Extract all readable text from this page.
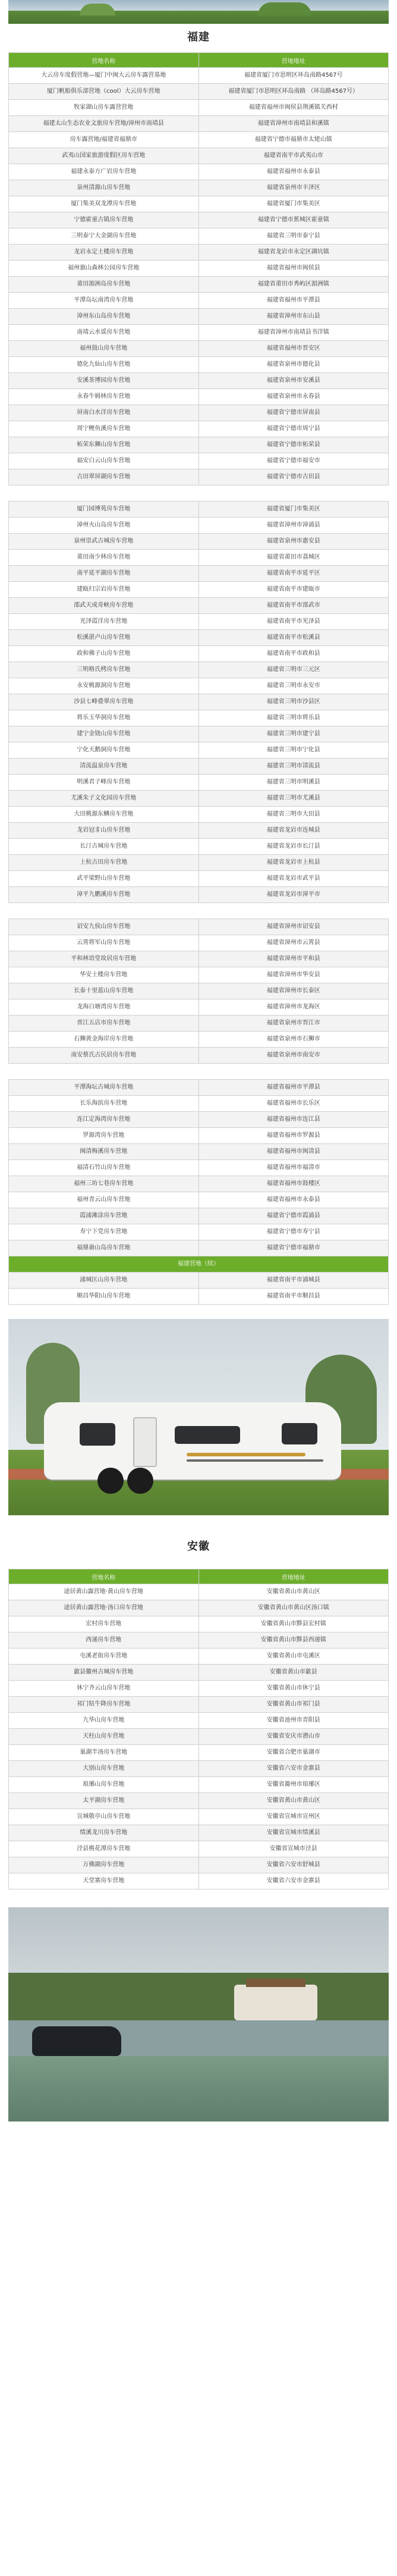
福建
营地名称	营地地址
大云房车度假营地—厦门中闽大云房车露营基地	福建省厦门市思明区环岛南路4567号
厦门帆船俱乐部营地（cool）大云房车营地	福建省厦门市思明区环岛南路 （环岛路4567号）
牧家湖山房车露营营地	福建省福州市闽侯县荆溪镇关西村
福建太山生态农业文旅房车营地/漳州市南靖县	福建省漳州市南靖县和溪镇
房车露营地/福建省福鼎市	福建省宁德市福鼎市太姥山镇
武夷山国家旅游度假区房车营地	福建省南平市武夷山市
福建永泰方广岩房车营地	福建省福州市永泰县
泉州清源山房车营地	福建省泉州市丰泽区
厦门集美双龙潭房车营地	福建省厦门市集美区
宁德霍童古镇房车营地	福建省宁德市蕉城区霍童镇
三明泰宁大金湖房车营地	福建省三明市泰宁县
龙岩永定土楼房车营地	福建省龙岩市永定区湖坑镇
福州旗山森林公园房车营地	福建省福州市闽侯县
莆田湄洲岛房车营地	福建省莆田市秀屿区湄洲镇
平潭岛坛南湾房车营地	福建省福州市平潭县
漳州东山岛房车营地	福建省漳州市东山县
南靖云水谣房车营地	福建省漳州市南靖县书洋镇
福州鼓山房车营地	福建省福州市晋安区
德化九仙山房车营地	福建省泉州市德化县
安溪茶博园房车营地	福建省泉州市安溪县
永春牛姆林房车营地	福建省泉州市永春县
屏南白水洋房车营地	福建省宁德市屏南县
周宁鲤鱼溪房车营地	福建省宁德市周宁县
柘荣东狮山房车营地	福建省宁德市柘荣县
福安白云山房车营地	福建省宁德市福安市
古田翠屏湖房车营地	福建省宁德市古田县

厦门园博苑房车营地	福建省厦门市集美区
漳州火山岛房车营地	福建省漳州市漳浦县
泉州崇武古城房车营地	福建省泉州市惠安县
莆田南少林房车营地	福建省莆田市荔城区
南平延平湖房车营地	福建省南平市延平区
建瓯归宗岩房车营地	福建省南平市建瓯市
邵武天成奇峡房车营地	福建省南平市邵武市
光泽霞洋房车营地	福建省南平市光泽县
松溪湛卢山房车营地	福建省南平市松溪县
政和佛子山房车营地	福建省南平市政和县
三明格氏栲房车营地	福建省三明市三元区
永安桃源洞房车营地	福建省三明市永安市
沙县七峰叠翠房车营地	福建省三明市沙县区
将乐玉华洞房车营地	福建省三明市将乐县
建宁金铙山房车营地	福建省三明市建宁县
宁化天鹅洞房车营地	福建省三明市宁化县
清流温泉房车营地	福建省三明市清流县
明溪君子峰房车营地	福建省三明市明溪县
尤溪朱子文化园房车营地	福建省三明市尤溪县
大田桃源东鳞房车营地	福建省三明市大田县
龙岩冠豸山房车营地	福建省龙岩市连城县
长汀古城房车营地	福建省龙岩市长汀县
上杭古田房车营地	福建省龙岩市上杭县
武平梁野山房车营地	福建省龙岩市武平县
漳平九鹏溪房车营地	福建省龙岩市漳平市

诏安九侯山房车营地	福建省漳州市诏安县
云霄将军山房车营地	福建省漳州市云霄县
平和林语堂故居房车营地	福建省漳州市平和县
华安土楼房车营地	福建省漳州市华安县
长泰十里蓝山房车营地	福建省漳州市长泰区
龙海白塘湾房车营地	福建省漳州市龙海区
晋江五店市房车营地	福建省泉州市晋江市
石狮黄金海岸房车营地	福建省泉州市石狮市
南安蔡氏古民居房车营地	福建省泉州市南安市

平潭海坛古城房车营地	福建省福州市平潭县
长乐海滨房车营地	福建省福州市长乐区
连江定海湾房车营地	福建省福州市连江县
罗源湾房车营地	福建省福州市罗源县
闽清梅溪房车营地	福建省福州市闽清县
福清石竹山房车营地	福建省福州市福清市
福州三坊七巷房车营地	福建省福州市鼓楼区
福州青云山房车营地	福建省福州市永泰县
霞浦滩涂房车营地	福建省宁德市霞浦县
寿宁下党房车营地	福建省宁德市寿宁县
福鼎嵛山岛房车营地	福建省宁德市福鼎市
福建营地（续）	
浦城匡山房车营地	福建省南平市浦城县
顺昌华阳山房车营地	福建省南平市顺昌县
安徽
营地名称	营地地址
途居黄山露营地·黄山房车营地	安徽省黄山市黄山区
途居黄山露营地·汤口房车营地	安徽省黄山市黄山区汤口镇
宏村房车营地	安徽省黄山市黟县宏村镇
西递房车营地	安徽省黄山市黟县西递镇
屯溪老街房车营地	安徽省黄山市屯溪区
歙县徽州古城房车营地	安徽省黄山市歙县
休宁齐云山房车营地	安徽省黄山市休宁县
祁门牯牛降房车营地	安徽省黄山市祁门县
九华山房车营地	安徽省池州市青阳县
天柱山房车营地	安徽省安庆市潜山市
巢湖半汤房车营地	安徽省合肥市巢湖市
大别山房车营地	安徽省六安市金寨县
琅琊山房车营地	安徽省滁州市琅琊区
太平湖房车营地	安徽省黄山市黄山区
宣城敬亭山房车营地	安徽省宣城市宣州区
绩溪龙川房车营地	安徽省宣城市绩溪县
泾县桃花潭房车营地	安徽省宣城市泾县
万佛湖房车营地	安徽省六安市舒城县
天堂寨房车营地	安徽省六安市金寨县
